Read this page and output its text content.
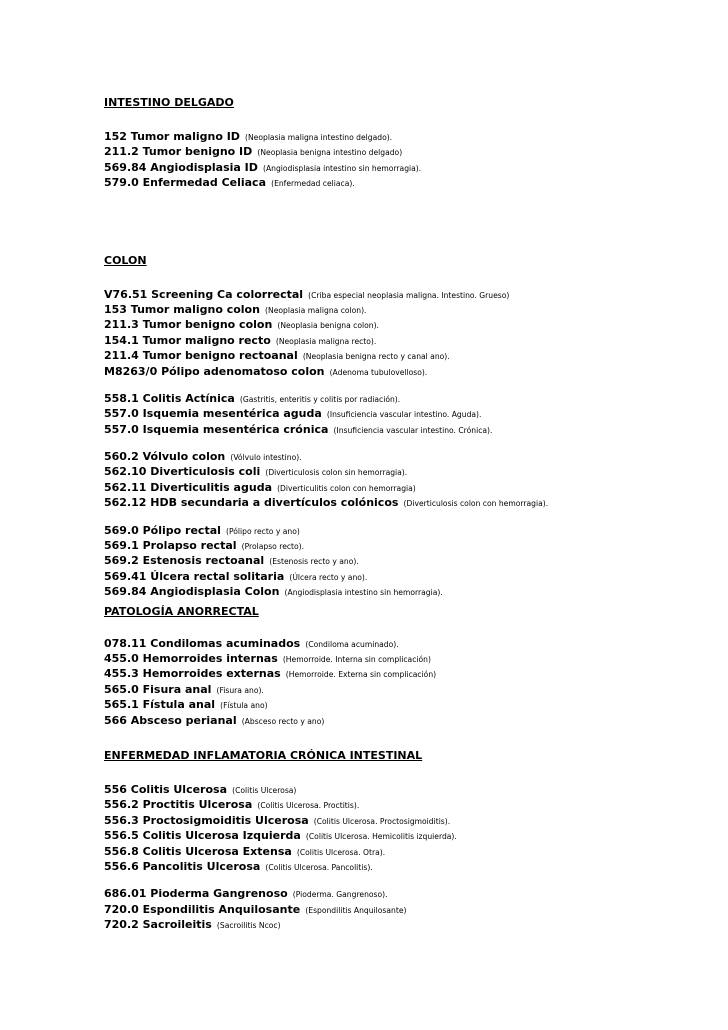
INTESTINO DELGADO
152 Tumor maligno ID (Neoplasia maligna intestino delgado).
211.2 Tumor benigno ID (Neoplasia benigna intestino delgado)
569.84 Angiodisplasia ID (Angiodisplasia intestino sin hemorragia).
579.0 Enfermedad Celiaca (Enfermedad celiaca).
COLON
V76.51 Screening Ca colorrectal (Criba especial neoplasia maligna. Intestino. Grueso)
153 Tumor maligno colon (Neoplasia maligna colon).
211.3 Tumor benigno colon (Neoplasia benigna colon).
154.1 Tumor maligno recto (Neoplasia maligna recto).
211.4 Tumor benigno rectoanal (Neoplasia benigna recto y canal ano).
M8263/0 Pólipo adenomatoso colon (Adenoma tubulovelloso).
558.1 Colitis Actínica (Gastritis, enteritis y colitis por radiación).
557.0 Isquemia mesentérica aguda (Insuficiencia vascular intestino. Aguda).
557.0 Isquemia mesentérica crónica (Insuficiencia vascular intestino. Crónica).
560.2 Vólvulo colon (Vólvulo intestino).
562.10 Diverticulosis coli (Diverticulosis colon sin hemorragia).
562.11 Diverticulitis aguda (Diverticulitis colon con hemorragia)
562.12 HDB secundaria a divertículos colónicos (Diverticulosis colon con hemorragia).
569.0 Pólipo rectal (Pólipo recto y ano)
569.1 Prolapso rectal (Prolapso recto).
569.2 Estenosis rectoanal (Estenosis recto y ano).
569.41 Úlcera rectal solitaria (Úlcera recto y ano).
569.84 Angiodisplasia Colon (Angiodisplasia intestino sin hemorragia).
PATOLOGÍA ANORRECTAL
078.11 Condilomas acuminados (Condiloma acuminado).
455.0 Hemorroides internas (Hemorroide. Interna sin complicación)
455.3 Hemorroides externas (Hemorroide. Externa sin complicación)
565.0 Fisura anal (Fisura ano).
565.1 Fístula anal (Fístula ano)
566 Absceso perianal (Absceso recto y ano)
ENFERMEDAD INFLAMATORIA CRÓNICA INTESTINAL
556 Colitis Ulcerosa (Colitis Ulcerosa)
556.2 Proctitis Ulcerosa (Colitis Ulcerosa. Proctitis).
556.3 Proctosigmoiditis Ulcerosa (Colitis Ulcerosa. Proctosigmoiditis).
556.5 Colitis Ulcerosa Izquierda (Colitis Ulcerosa. Hemicolitis izquierda).
556.8 Colitis Ulcerosa Extensa (Colitis Ulcerosa. Otra).
556.6 Pancolitis Ulcerosa (Colitis Ulcerosa. Pancolitis).
686.01 Pioderma Gangrenoso (Pioderma. Gangrenoso).
720.0 Espondilitis Anquilosante (Espondilitis Anquilosante)
720.2 Sacroileitis (Sacroilitis Ncoc)
